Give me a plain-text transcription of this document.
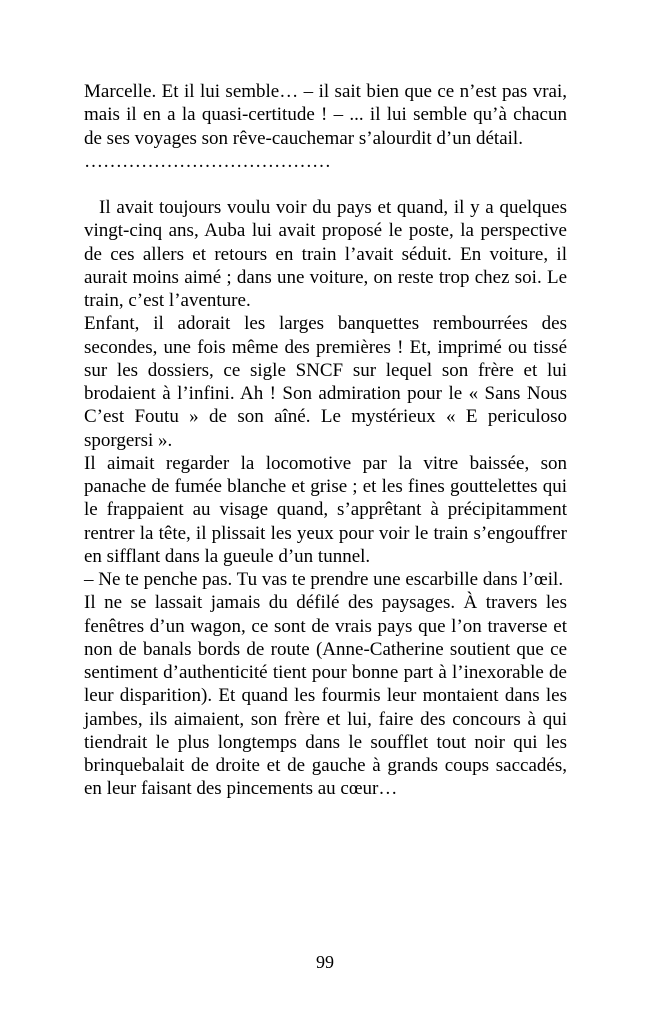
Marcelle. Et il lui semble… – il sait bien que ce n’est pas vrai, mais il en a la quasi-certitude ! – ... il lui semble qu’à chacun de ses voyages son rêve-cauchemar s’alourdit d’un détail.

…………………………………

Il avait toujours voulu voir du pays et quand, il y a quelques vingt-cinq ans, Auba lui avait proposé le poste, la perspective de ces allers et retours en train l’avait séduit. En voiture, il aurait moins aimé ; dans une voiture, on reste trop chez soi. Le train, c’est l’aventure.

Enfant, il adorait les larges banquettes rembourrées des secondes, une fois même des premières ! Et, imprimé ou tissé sur les dossiers, ce sigle SNCF sur lequel son frère et lui brodaient à l’infini. Ah ! Son admiration pour le « Sans Nous C’est Foutu » de son aîné. Le mystérieux « E periculoso sporgersi ».

Il aimait regarder la locomotive par la vitre baissée, son panache de fumée blanche et grise ; et les fines gouttelettes qui le frappaient au visage quand, s’apprêtant à précipitamment rentrer la tête, il plissait les yeux pour voir le train s’engouffrer en sifflant dans la gueule d’un tunnel.

– Ne te penche pas. Tu vas te prendre une escarbille dans l’œil.

Il ne se lassait jamais du défilé des paysages. À travers les fenêtres d’un wagon, ce sont de vrais pays que l’on traverse et non de banals bords de route (Anne-Catherine soutient que ce sentiment d’authenticité tient pour bonne part à l’inexorable de leur disparition). Et quand les fourmis leur montaient dans les jambes, ils aimaient, son frère et lui, faire des concours à qui tiendrait le plus longtemps dans le soufflet tout noir qui les brinquebalait de droite et de gauche à grands coups saccadés, en leur faisant des pincements au cœur…

99
